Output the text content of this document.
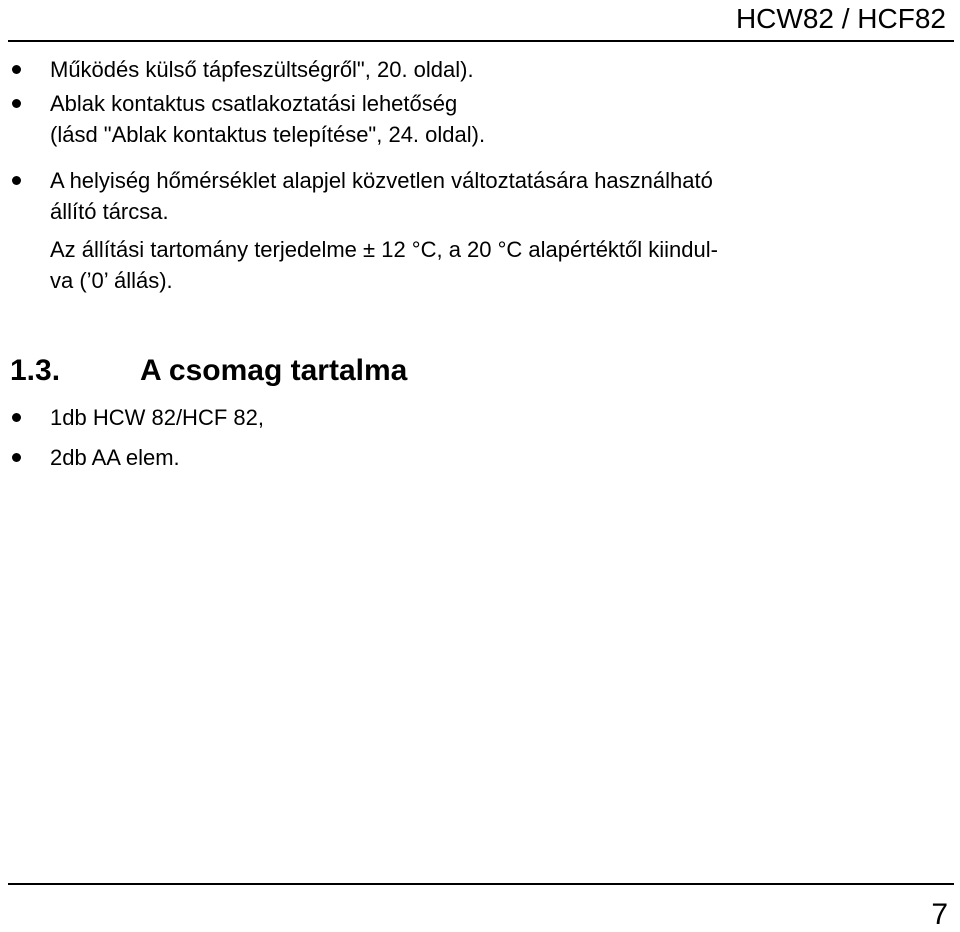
HCW82 / HCF82
Működés külső tápfeszültségről", 20. oldal).
Ablak kontaktus csatlakoztatási lehetőség
(lásd "Ablak kontaktus telepítése", 24. oldal).
A helyiség hőmérséklet alapjel közvetlen változtatására használható
állító tárcsa.
Az állítási tartomány terjedelme ± 12 °C, a 20 °C alapértéktől kiindul-
va (’0’ állás).
1.3.	A csomag tartalma
1db HCW 82/HCF 82,
2db AA elem.
7
